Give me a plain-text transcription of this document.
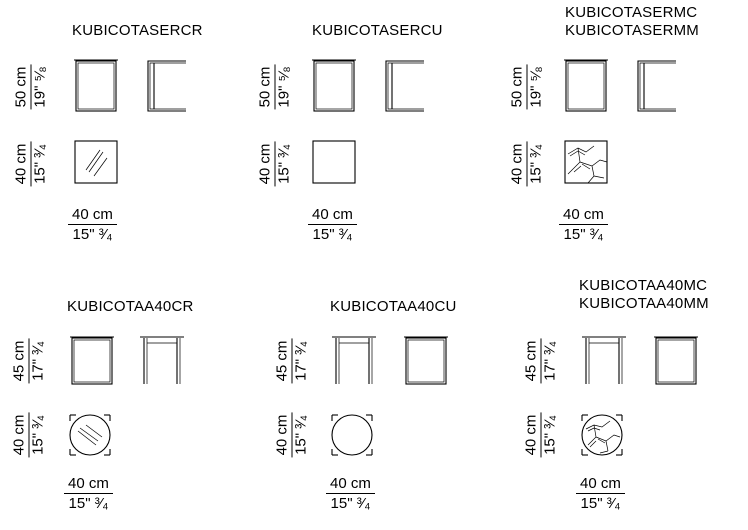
KUBICOTASERCR
50 cm 19" ⁵⁄₈
40 cm 15" ³⁄₄
40 cm
15" ³⁄₄
KUBICOTASERCU
50 cm 19" ⁵⁄₈
40 cm 15" ³⁄₄
40 cm
15" ³⁄₄
KUBICOTASERMC
KUBICOTASERMM
50 cm 19" ⁵⁄₈
40 cm 15" ³⁄₄
40 cm
15" ³⁄₄
KUBICOTAA40CR
45 cm 17" ³⁄₄
40 cm 15" ³⁄₄
40 cm
15" ³⁄₄
KUBICOTAA40CU
45 cm 17" ³⁄₄
40 cm 15" ³⁄₄
40 cm
15" ³⁄₄
KUBICOTAA40MC
KUBICOTAA40MM
45 cm 17" ³⁄₄
40 cm 15" ³⁄₄
40 cm
15" ³⁄₄
